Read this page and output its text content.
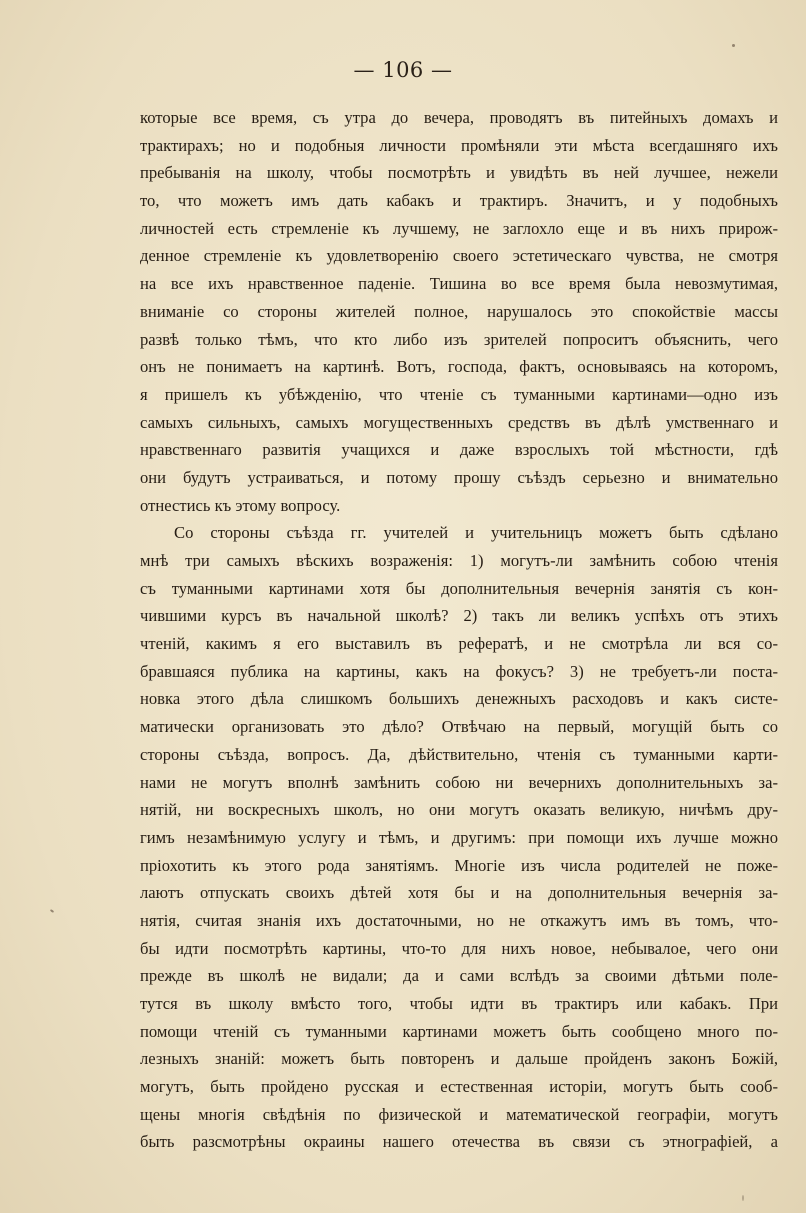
— 106 —
которые все время, съ утра до вечера, проводятъ въ питейныхъ домахъ и
трактирахъ; но и подобныя личности промѣняли эти мѣста всегдашняго ихъ
пребыванія на школу, чтобы посмотрѣть и увидѣть въ ней лучшее, нежели
то, что можетъ имъ дать кабакъ и трактиръ. Значитъ, и у подобныхъ
личностей есть стремленіе къ лучшему, не заглохло еще и въ нихъ прирож-
денное стремленіе къ удовлетворенію своего эстетическаго чувства, не смотря
на все ихъ нравственное паденіе. Тишина во все время была невозмутимая,
вниманіе со стороны жителей полное, нарушалось это спокойствіе массы
развѣ только тѣмъ, что кто либо изъ зрителей попроситъ объяснить, чего
онъ не понимаетъ на картинѣ. Вотъ, господа, фактъ, основываясь на которомъ,
я пришелъ къ убѣжденію, что чтеніе съ туманными картинами—одно изъ
самыхъ сильныхъ, самыхъ могущественныхъ средствъ въ дѣлѣ умственнаго и
нравственнаго развитія учащихся и даже взрослыхъ той мѣстности, гдѣ
они будутъ устраиваться, и потому прошу съѣздъ серьезно и внимательно
отнестись къ этому вопросу.
Со стороны съѣзда гг. учителей и учительницъ можетъ быть сдѣлано
мнѣ три самыхъ вѣскихъ возраженія: 1) могутъ-ли замѣнить собою чтенія
съ туманными картинами хотя бы дополнительныя вечернія занятія съ кон-
чившими курсъ въ начальной школѣ? 2) такъ ли великъ успѣхъ отъ этихъ
чтеній, какимъ я его выставилъ въ рефератѣ, и не смотрѣла ли вся со-
бравшаяся публика на картины, какъ на фокусъ? 3) не требуетъ-ли поста-
новка этого дѣла слишкомъ большихъ денежныхъ расходовъ и какъ систе-
матически организовать это дѣло? Отвѣчаю на первый, могущій быть со
стороны съѣзда, вопросъ. Да, дѣйствительно, чтенія съ туманными карти-
нами не могутъ вполнѣ замѣнить собою ни вечернихъ дополнительныхъ за-
нятій, ни воскресныхъ школъ, но они могутъ оказать великую, ничѣмъ дру-
гимъ незамѣнимую услугу и тѣмъ, и другимъ: при помощи ихъ лучше можно
пріохотить къ этого рода занятіямъ. Многіе изъ числа родителей не поже-
лаютъ отпускать своихъ дѣтей хотя бы и на дополнительныя вечернія за-
нятія, считая знанія ихъ достаточными, но не откажутъ имъ въ томъ, что-
бы идти посмотрѣть картины, что-то для нихъ новое, небывалое, чего они
прежде въ школѣ не видали; да и сами вслѣдъ за своими дѣтьми поле-
тутся въ школу вмѣсто того, чтобы идти въ трактиръ или кабакъ. При
помощи чтеній съ туманными картинами можетъ быть сообщено много по-
лезныхъ знаній: можетъ быть повторенъ и дальше пройденъ законъ Божій,
могутъ, быть пройдено русская и естественная исторіи, могутъ быть сооб-
щены многія свѣдѣнія по физической и математической географіи, могутъ
быть разсмотрѣны окраины нашего отечества въ связи съ этнографіей, а
